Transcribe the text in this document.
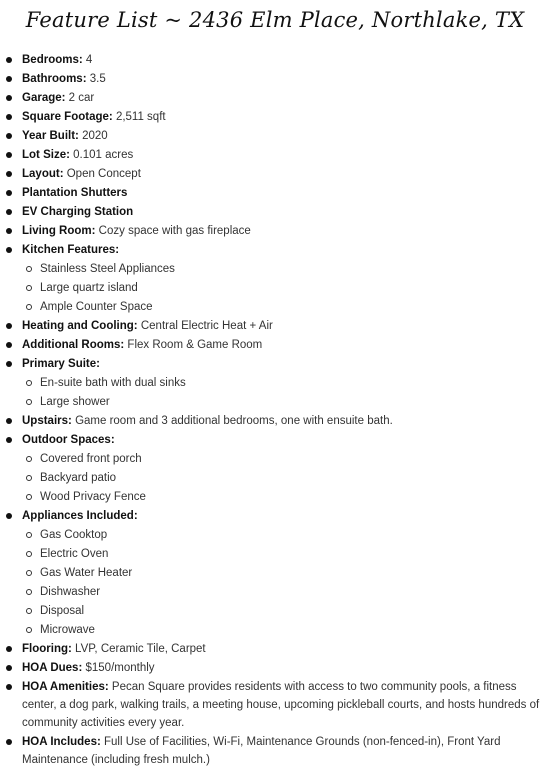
Feature List ~ 2436 Elm Place, Northlake, TX
Bedrooms: 4
Bathrooms: 3.5
Garage: 2 car
Square Footage: 2,511 sqft
Year Built: 2020
Lot Size: 0.101 acres
Layout: Open Concept
Plantation Shutters
EV Charging Station
Living Room: Cozy space with gas fireplace
Kitchen Features:
Stainless Steel Appliances
Large quartz island
Ample Counter Space
Heating and Cooling: Central Electric Heat + Air
Additional Rooms: Flex Room & Game Room
Primary Suite:
En-suite bath with dual sinks
Large shower
Upstairs: Game room and 3 additional bedrooms, one with ensuite bath.
Outdoor Spaces:
Covered front porch
Backyard patio
Wood Privacy Fence
Appliances Included:
Gas Cooktop
Electric Oven
Gas Water Heater
Dishwasher
Disposal
Microwave
Flooring: LVP, Ceramic Tile, Carpet
HOA Dues: $150/monthly
HOA Amenities: Pecan Square provides residents with access to two community pools, a fitness center, a dog park, walking trails, a meeting house, upcoming pickleball courts, and hosts hundreds of community activities every year.
HOA Includes: Full Use of Facilities, Wi-Fi, Maintenance Grounds (non-fenced-in), Front Yard Maintenance (including fresh mulch.)
